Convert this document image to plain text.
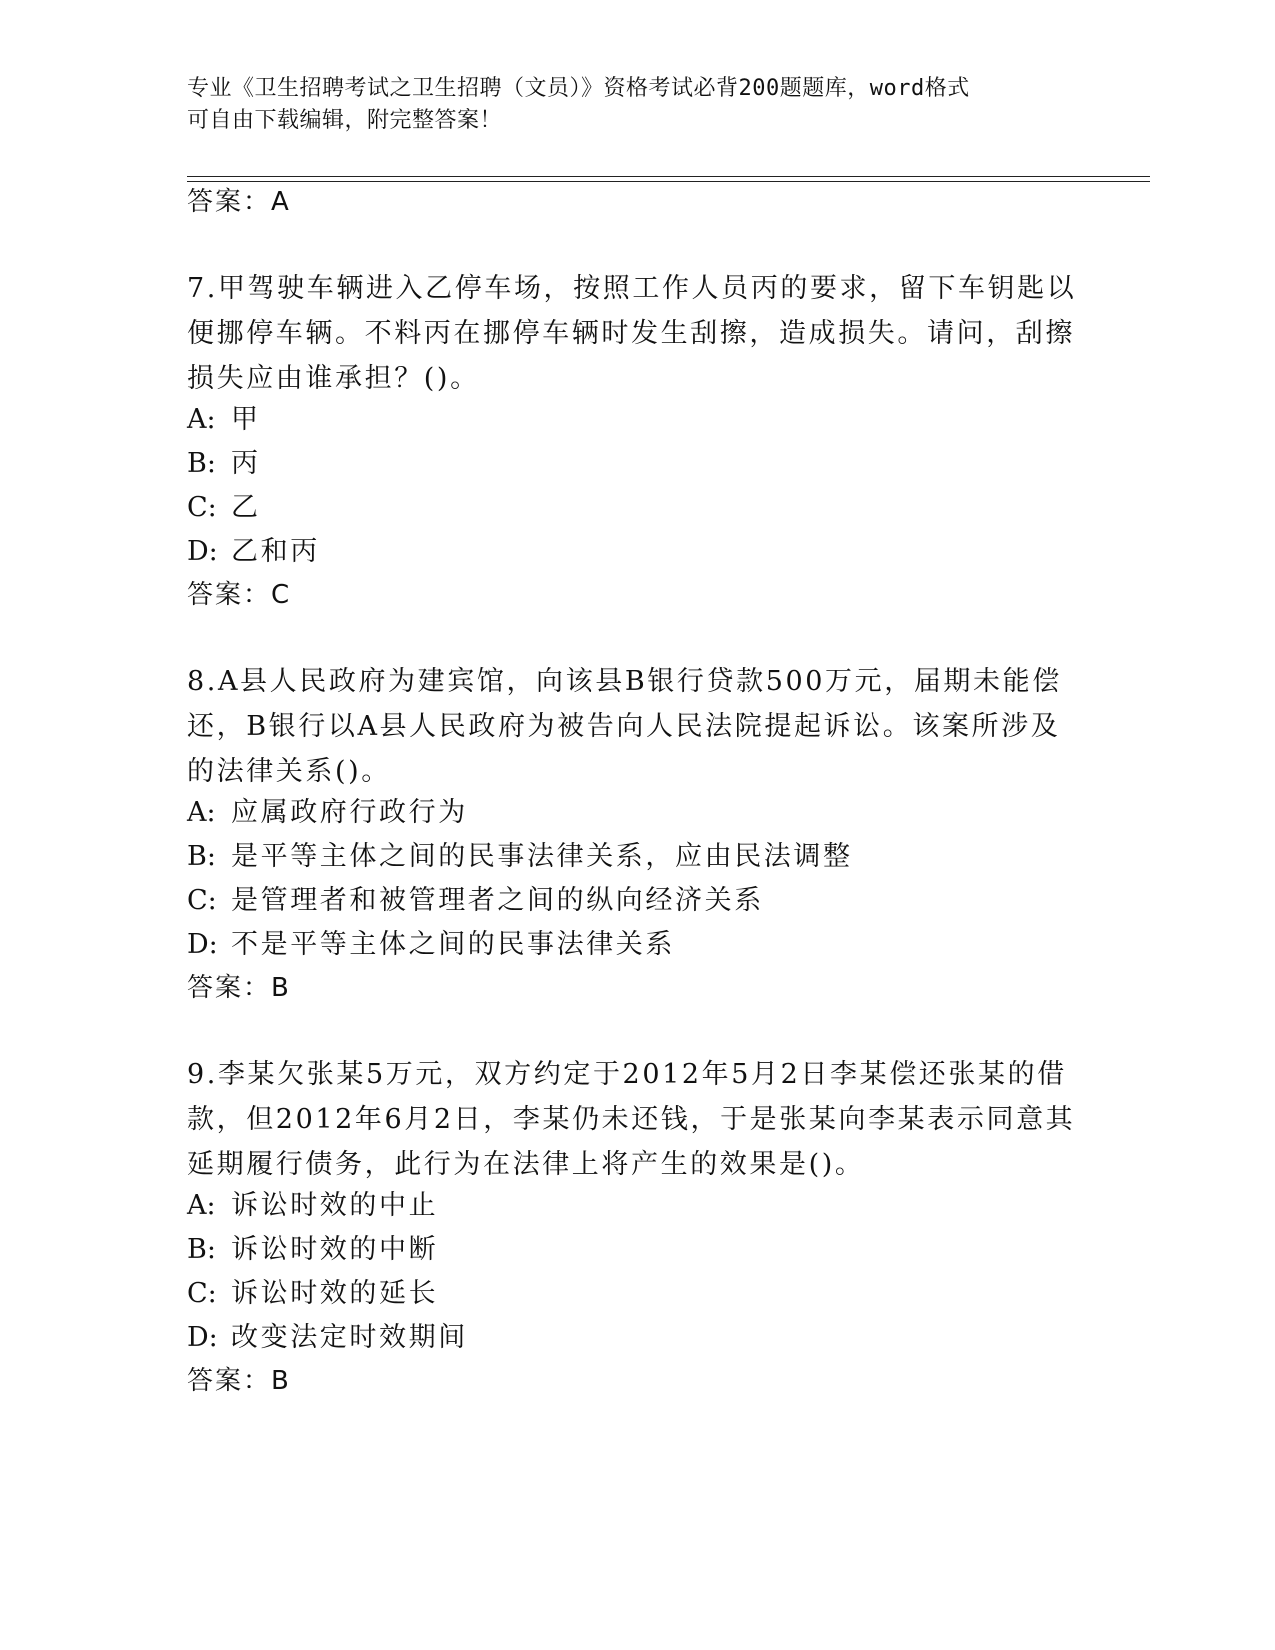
专业《卫生招聘考试之卫生招聘（文员）》资格考试必背200题题库，word格式
可自由下载编辑，附完整答案！
答案：A
7.甲驾驶车辆进入乙停车场，按照工作人员丙的要求，留下车钥匙以便挪停车辆。不料丙在挪停车辆时发生刮擦，造成损失。请问，刮擦损失应由谁承担？()。
A: 甲
B: 丙
C: 乙
D: 乙和丙
答案：C
8.A县人民政府为建宾馆，向该县B银行贷款500万元，届期未能偿还，B银行以A县人民政府为被告向人民法院提起诉讼。该案所涉及的法律关系()。
A: 应属政府行政行为
B: 是平等主体之间的民事法律关系，应由民法调整
C: 是管理者和被管理者之间的纵向经济关系
D: 不是平等主体之间的民事法律关系
答案：B
9.李某欠张某5万元，双方约定于2012年5月2日李某偿还张某的借款，但2012年6月2日，李某仍未还钱，于是张某向李某表示同意其延期履行债务，此行为在法律上将产生的效果是()。
A: 诉讼时效的中止
B: 诉讼时效的中断
C: 诉讼时效的延长
D: 改变法定时效期间
答案：B
